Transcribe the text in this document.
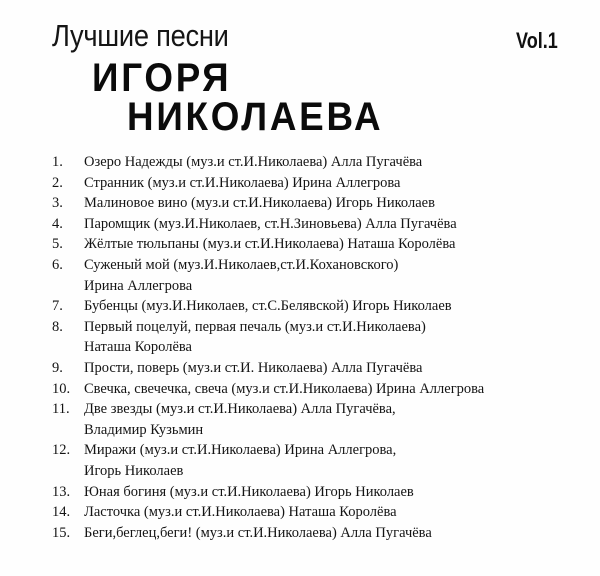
Лучшие песни	Vol.1
ИГОРЯ
НИКОЛАЕВА
1.	Озеро Надежды (муз.и ст.И.Николаева) Алла Пугачёва
2.	Странник (муз.и ст.И.Николаева) Ирина Аллегрова
3.	Малиновое вино (муз.и ст.И.Николаева) Игорь Николаев
4.	Паромщик (муз.И.Николаев, ст.Н.Зиновьева) Алла Пугачёва
5.	Жёлтые тюльпаны (муз.и ст.И.Николаева) Наташа Королёва
6.	Суженый мой (муз.И.Николаев,ст.И.Кохановского)
Ирина Аллегрова
7.	Бубенцы (муз.И.Николаев, ст.С.Белявской) Игорь Николаев
8.	Первый поцелуй, первая печаль (муз.и ст.И.Николаева)
Наташа Королёва
9.	Прости, поверь (муз.и ст.И. Николаева) Алла Пугачёва
10. Свечка, свечечка, свеча (муз.и ст.И.Николаева) Ирина Аллегрова
11. Две звезды (муз.и ст.И.Николаева) Алла Пугачёва,
Владимир Кузьмин
12. Миражи (муз.и ст.И.Николаева) Ирина Аллегрова,
Игорь Николаев
13. Юная богиня (муз.и ст.И.Николаева) Игорь Николаев
14. Ласточка (муз.и ст.И.Николаева) Наташа Королёва
15. Беги,беглец,беги! (муз.и ст.И.Николаева) Алла Пугачёва
